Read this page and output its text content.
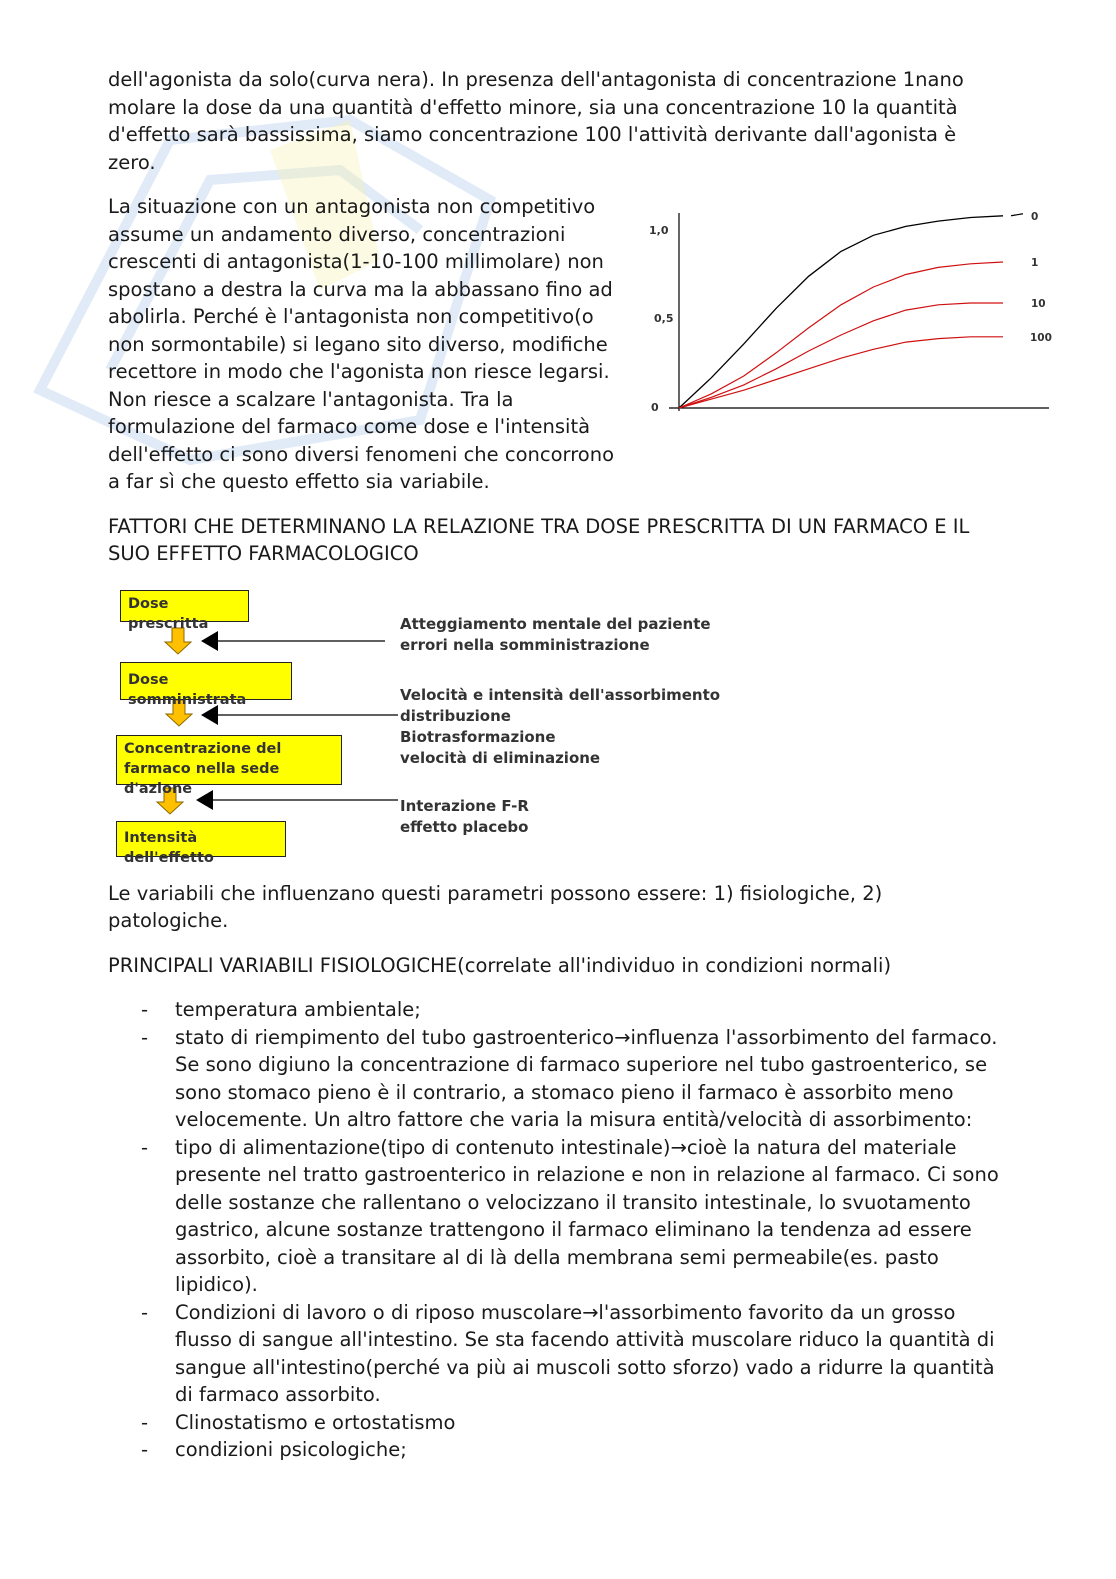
dell'agonista da solo(curva nera). In presenza dell'antagonista di concentrazione 1nano molare la dose da una quantità d'effetto minore, sia una concentrazione 10 la quantità d'effetto sarà bassissima, siamo concentrazione 100 l'attività derivante dall'agonista è zero.

1,0
0,5
0
0
1
10
100

La situazione con un antagonista non competitivo assume un andamento diverso, concentrazioni crescenti di antagonista(1-10-100 millimolare) non spostano a destra la curva ma la abbassano fino ad abolirla. Perché è l'antagonista non competitivo(o non sormontabile) si legano sito diverso, modifiche recettore in modo che l'agonista non riesce legarsi. Non riesce a scalzare l'antagonista. Tra la formulazione del farmaco come dose e l'intensità dell'effetto ci sono diversi fenomeni che concorrono a far sì che questo effetto sia variabile.

FATTORI CHE DETERMINANO LA RELAZIONE TRA DOSE PRESCRITTA DI UN FARMACO E IL SUO EFFETTO FARMACOLOGICO

Dose prescritta
Dose somministrata
Concentrazione del farmaco nella sede d'azione
Intensità dell'effetto
Atteggiamento mentale del paziente
errori nella somministrazione
Velocità e intensità dell'assorbimento
distribuzione
Biotrasformazione
velocità di eliminazione
Interazione F-R
effetto placebo

Le variabili che influenzano questi parametri possono essere: 1) fisiologiche, 2) patologiche.

PRINCIPALI VARIABILI FISIOLOGICHE(correlate all'individuo in condizioni normali)

- temperatura ambientale;
- stato di riempimento del tubo gastroenterico→influenza l'assorbimento del farmaco. Se sono digiuno la concentrazione di farmaco superiore nel tubo gastroenterico, se sono stomaco pieno è il contrario, a stomaco pieno il farmaco è assorbito meno velocemente. Un altro fattore che varia la misura entità/velocità di assorbimento:
- tipo di alimentazione(tipo di contenuto intestinale)→cioè la natura del materiale presente nel tratto gastroenterico in relazione e non in relazione al farmaco. Ci sono delle sostanze che rallentano o velocizzano il transito intestinale, lo svuotamento gastrico, alcune sostanze trattengono il farmaco eliminano la tendenza ad essere assorbito, cioè a transitare al di là della membrana semi permeabile(es. pasto lipidico).
- Condizioni di lavoro o di riposo muscolare→l'assorbimento favorito da un grosso flusso di sangue all'intestino. Se sta facendo attività muscolare riduco la quantità di sangue all'intestino(perché va più ai muscoli sotto sforzo) vado a ridurre la quantità di farmaco assorbito.
- Clinostatismo e ortostatismo
- condizioni psicologiche;
